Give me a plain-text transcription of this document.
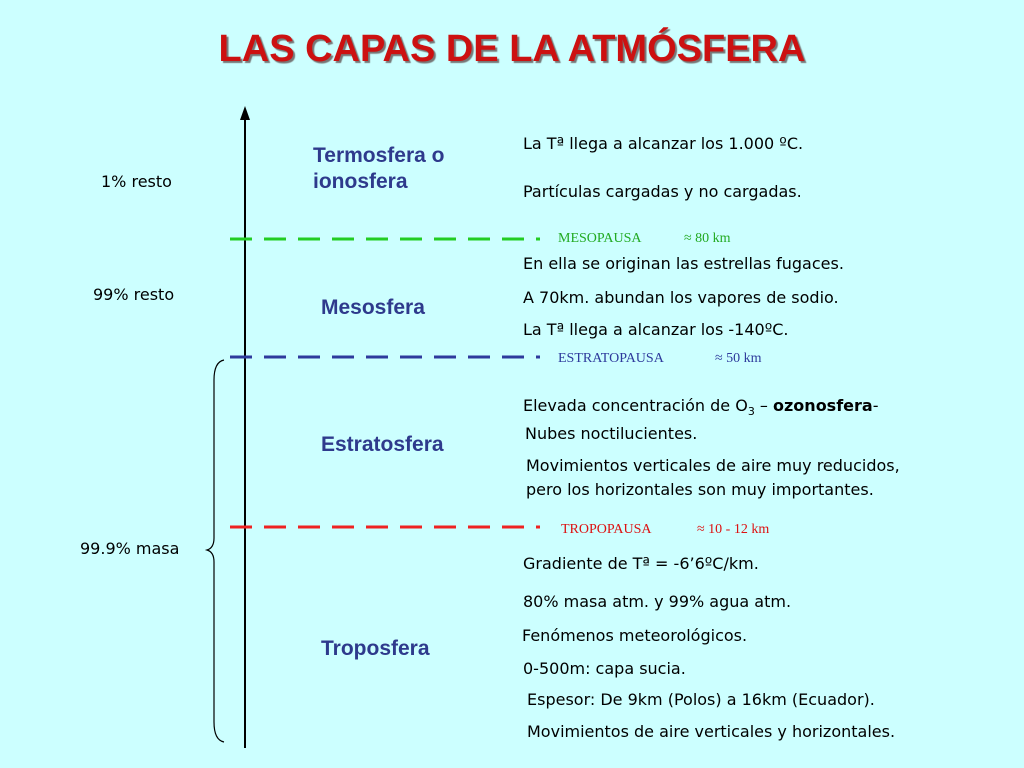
LAS CAPAS DE LA ATMÓSFERA
1% resto
99% resto
99.9% masa
Termosfera o
ionosfera
La Tª llega a alcanzar los 1.000 ºC.
Partículas cargadas y no cargadas.
MESOPAUSA	≈ 80 km
Mesosfera
En ella se originan las estrellas fugaces.
A 70km. abundan los vapores de sodio.
La Tª llega a alcanzar los -140ºC.
ESTRATOPAUSA	≈ 50 km
Estratosfera
Elevada concentración de $O_3$ – ozonosfera-
Nubes noctilucientes.
Movimientos verticales de aire muy reducidos,
pero los horizontales son muy importantes.
TROPOPAUSA	≈ 10 - 12 km
Troposfera
Gradiente de Tª = -6’6ºC/km.
80% masa atm. y 99% agua atm.
Fenómenos meteorológicos.
0-500m: capa sucia.
Espesor: De 9km (Polos) a 16km (Ecuador).
Movimientos de aire verticales y horizontales.
